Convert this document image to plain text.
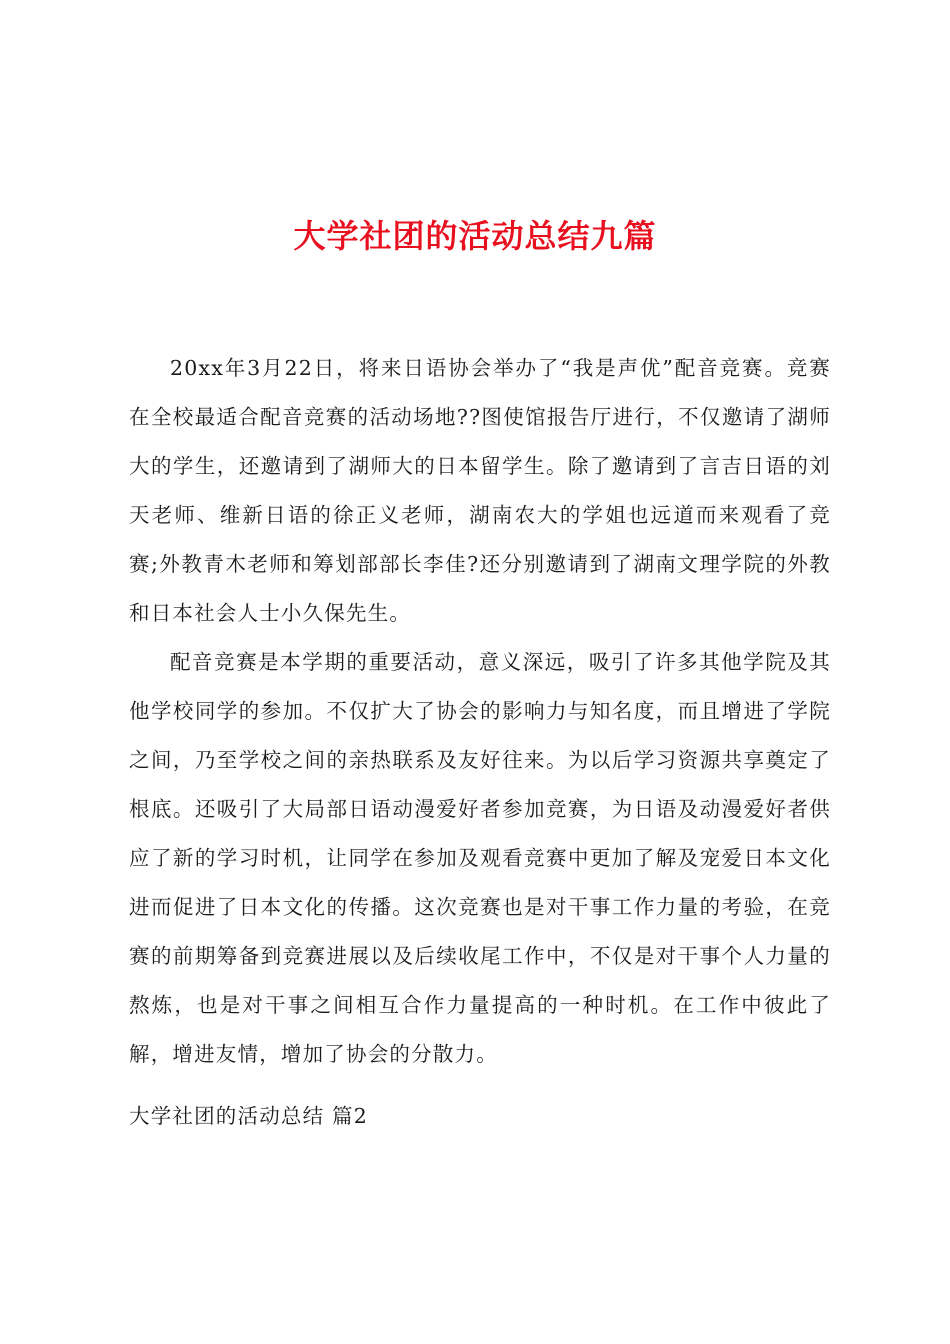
大学社团的活动总结九篇

20xx年3月22日，将来日语协会举办了“我是声优”配音竞赛。竞赛在全校最适合配音竞赛的活动场地??图使馆报告厅进行，不仅邀请了湖师大的学生，还邀请到了湖师大的日本留学生。除了邀请到了言吉日语的刘天老师、维新日语的徐正义老师，湖南农大的学姐也远道而来观看了竞赛;外教青木老师和筹划部部长李佳?还分别邀请到了湖南文理学院的外教和日本社会人士小久保先生。

配音竞赛是本学期的重要活动，意义深远，吸引了许多其他学院及其他学校同学的参加。不仅扩大了协会的影响力与知名度，而且增进了学院之间，乃至学校之间的亲热联系及友好往来。为以后学习资源共享奠定了根底。还吸引了大局部日语动漫爱好者参加竞赛，为日语及动漫爱好者供应了新的学习时机，让同学在参加及观看竞赛中更加了解及宠爱日本文化进而促进了日本文化的传播。这次竞赛也是对干事工作力量的考验，在竞赛的前期筹备到竞赛进展以及后续收尾工作中，不仅是对干事个人力量的熬炼，也是对干事之间相互合作力量提高的一种时机。在工作中彼此了解，增进友情，增加了协会的分散力。

大学社团的活动总结 篇2
